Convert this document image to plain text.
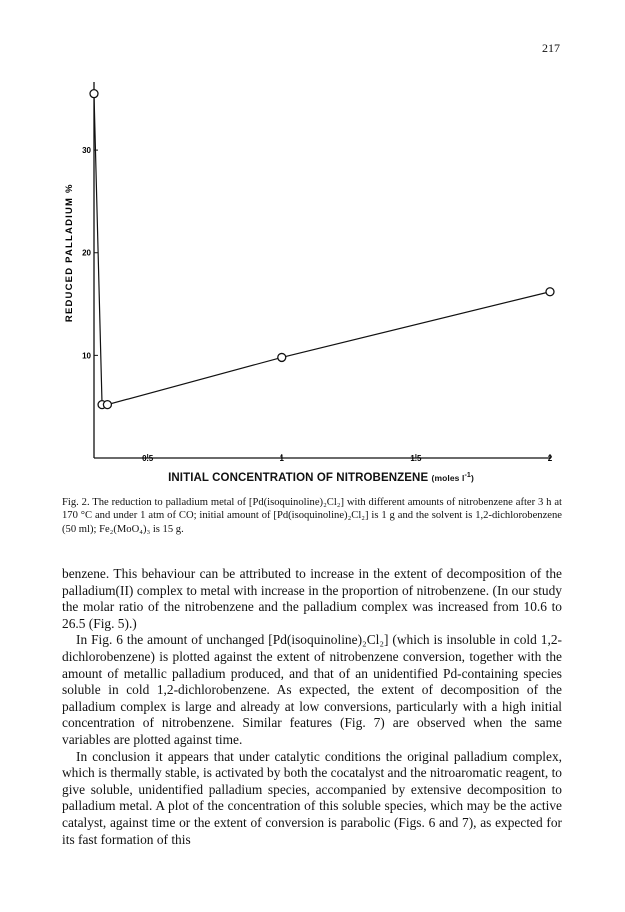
217
0.5	1	1.5	2
10
20
30
REDUCED PALLADIUM %
INITIAL CONCENTRATION OF NITROBENZENE (moles $l^{-1}$)
Fig. 2. The reduction to palladium metal of [Pd(isoquinoline)₂Cl₂] with different amounts of nitrobenzene after 3 h at 170 °C and under 1 atm of CO; initial amount of [Pd(isoquinoline)₂Cl₂] is 1 g and the solvent is 1,2-dichlorobenzene (50 ml); Fe₂(MoO₄)₃ is 15 g.

benzene. This behaviour can be attributed to increase in the extent of decomposition of the palladium(II) complex to metal with increase in the proportion of nitrobenzene. (In our study the molar ratio of the nitrobenzene and the palladium complex was increased from 10.6 to 26.5 (Fig. 5).)

In Fig. 6 the amount of unchanged [Pd(isoquinoline)₂Cl₂] (which is insoluble in cold 1,2-dichlorobenzene) is plotted against the extent of nitrobenzene conversion, together with the amount of metallic palladium produced, and that of an unidentified Pd-containing species soluble in cold 1,2-dichlorobenzene. As expected, the extent of decomposition of the palladium complex is large and already at low conversions, particularly with a high initial concentration of nitrobenzene. Similar features (Fig. 7) are observed when the same variables are plotted against time.

In conclusion it appears that under catalytic conditions the original palladium complex, which is thermally stable, is activated by both the cocatalyst and the nitroaromatic reagent, to give soluble, unidentified palladium species, accompanied by extensive decomposition to palladium metal. A plot of the concentration of this soluble species, which may be the active catalyst, against time or the extent of conversion is parabolic (Figs. 6 and 7), as expected for its fast formation of this
